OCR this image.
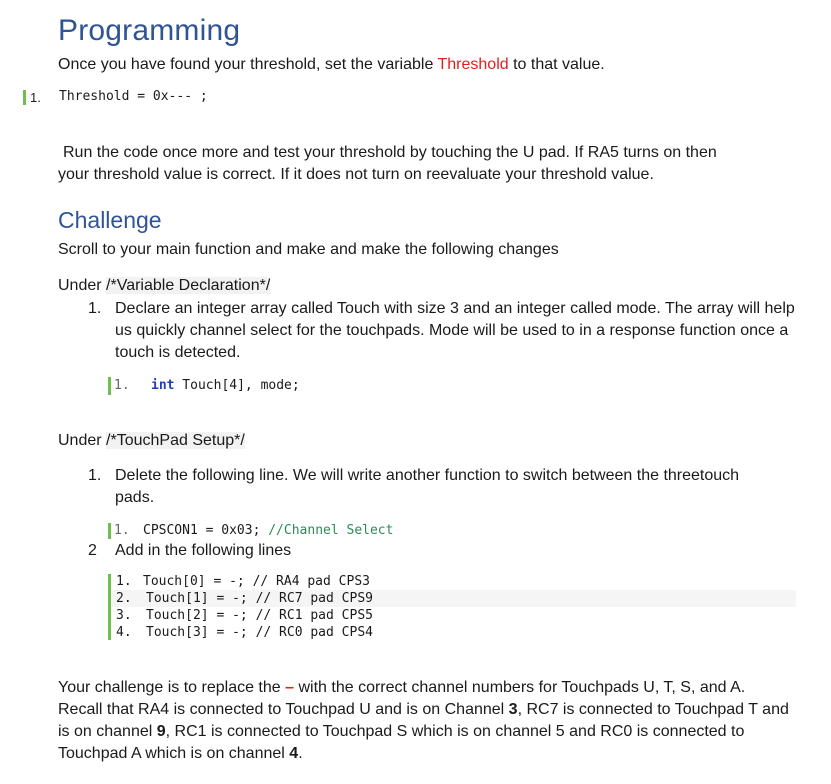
Programming
Once you have found your threshold, set the variable Threshold to that value.
1. Threshold = 0x--- ;
Run the code once more and test your threshold by touching the U pad. If RA5 turns on then
your threshold value is correct. If it does not turn on reevaluate your threshold value.
Challenge
Scroll to your main function and make and make the following changes
Under /*Variable Declaration*/
1. Declare an integer array called Touch with size 3 and an integer called mode. The array will help
us quickly channel select for the touchpads. Mode will be used to in a response function once a
touch is detected.
1. int Touch[4], mode;
Under /*TouchPad Setup*/
1. Delete the following line. We will write another function to switch between the threetouch
pads.
1. CPSCON1 = 0x03; //Channel Select
2 Add in the following lines
1. Touch[0] = -; // RA4 pad CPS3
2. Touch[1] = -; // RC7 pad CPS9
3. Touch[2] = -; // RC1 pad CPS5
4. Touch[3] = -; // RC0 pad CPS4
Your challenge is to replace the – with the correct channel numbers for Touchpads U, T, S, and A.
Recall that RA4 is connected to Touchpad U and is on Channel 3, RC7 is connected to Touchpad T and
is on channel 9, RC1 is connected to Touchpad S which is on channel 5 and RC0 is connected to
Touchpad A which is on channel 4.
